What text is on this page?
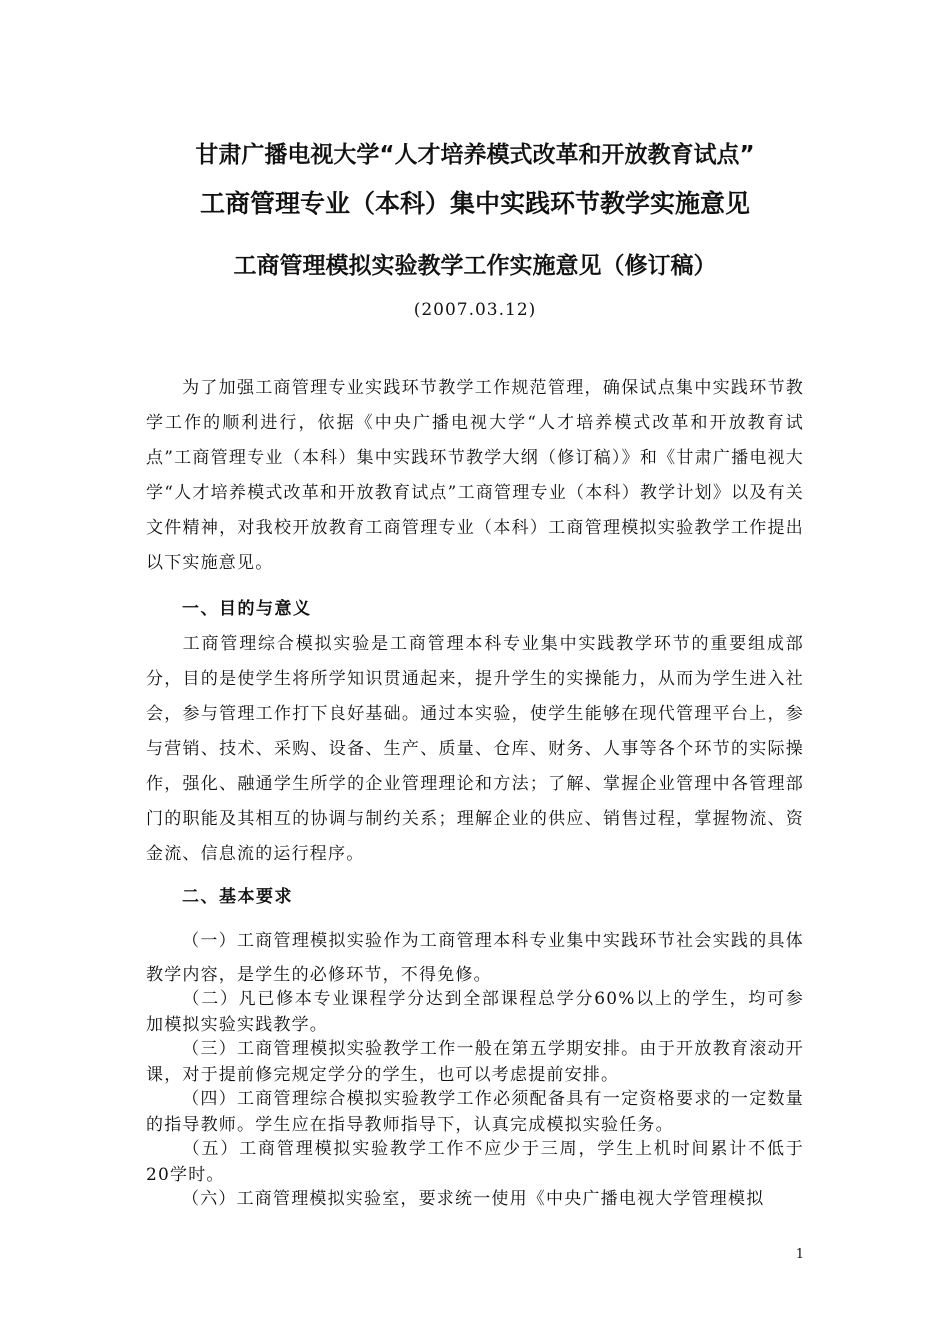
甘肃广播电视大学“人才培养模式改革和开放教育试点”
工商管理专业（本科）集中实践环节教学实施意见
工商管理模拟实验教学工作实施意见（修订稿）
(2007.03.12)

为了加强工商管理专业实践环节教学工作规范管理，确保试点集中实践环节教学工作的顺利进行，依据《中央广播电视大学“人才培养模式改革和开放教育试点”工商管理专业（本科）集中实践环节教学大纲（修订稿）》和《甘肃广播电视大学“人才培养模式改革和开放教育试点”工商管理专业（本科）教学计划》以及有关文件精神，对我校开放教育工商管理专业（本科）工商管理模拟实验教学工作提出以下实施意见。

一、目的与意义

工商管理综合模拟实验是工商管理本科专业集中实践教学环节的重要组成部分，目的是使学生将所学知识贯通起来，提升学生的实操能力，从而为学生进入社会，参与管理工作打下良好基础。通过本实验，使学生能够在现代管理平台上，参与营销、技术、采购、设备、生产、质量、仓库、财务、人事等各个环节的实际操作，强化、融通学生所学的企业管理理论和方法；了解、掌握企业管理中各管理部门的职能及其相互的协调与制约关系；理解企业的供应、销售过程，掌握物流、资金流、信息流的运行程序。

二、基本要求

（一）工商管理模拟实验作为工商管理本科专业集中实践环节社会实践的具体教学内容，是学生的必修环节，不得免修。

（二）凡已修本专业课程学分达到全部课程总学分60%以上的学生，均可参加模拟实验实践教学。

（三）工商管理模拟实验教学工作一般在第五学期安排。由于开放教育滚动开课，对于提前修完规定学分的学生，也可以考虑提前安排。

（四）工商管理综合模拟实验教学工作必须配备具有一定资格要求的一定数量的指导教师。学生应在指导教师指导下，认真完成模拟实验任务。

（五）工商管理模拟实验教学工作不应少于三周，学生上机时间累计不低于20学时。

（六）工商管理模拟实验室，要求统一使用《中央广播电视大学管理模拟

1
